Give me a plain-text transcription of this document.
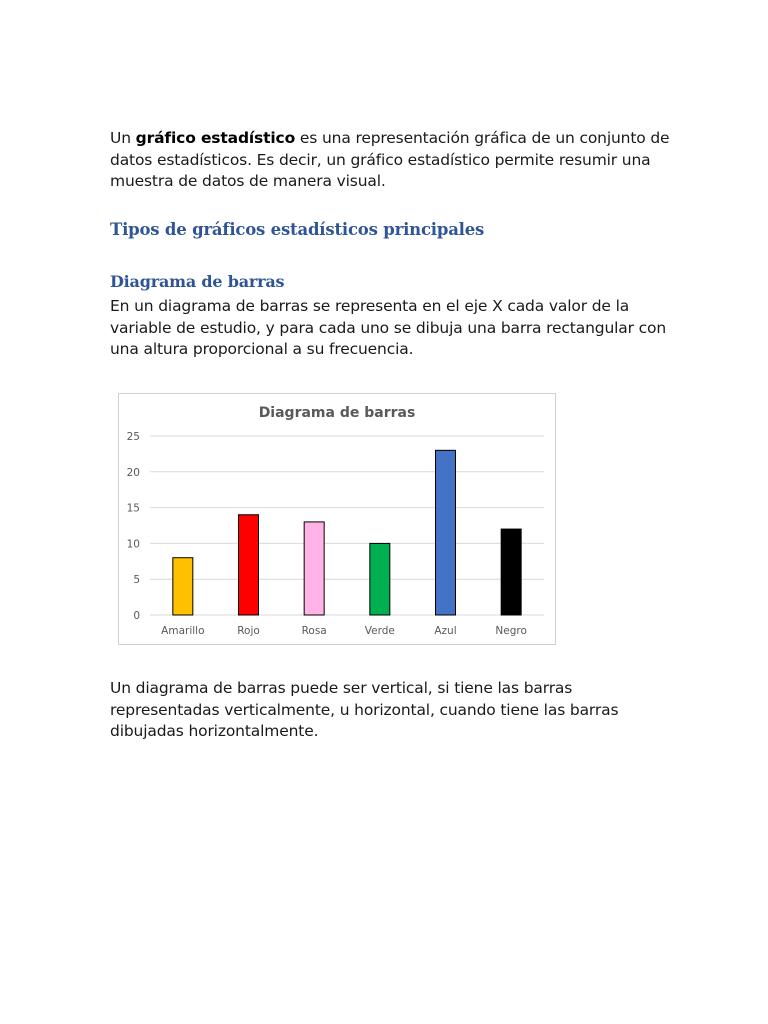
Un gráfico estadístico es una representación gráfica de un conjunto de datos estadísticos. Es decir, un gráfico estadístico permite resumir una muestra de datos de manera visual.

Tipos de gráficos estadísticos principales
Diagrama de barras

En un diagrama de barras se representa en el eje X cada valor de la variable de estudio, y para cada uno se dibuja una barra rectangular con una altura proporcional a su frecuencia.

Diagrama de barras
0
5
10
15
20
25
Amarillo	Rojo	Rosa	Verde	Azul	Negro

Un diagrama de barras puede ser vertical, si tiene las barras representadas verticalmente, u horizontal, cuando tiene las barras dibujadas horizontalmente.
